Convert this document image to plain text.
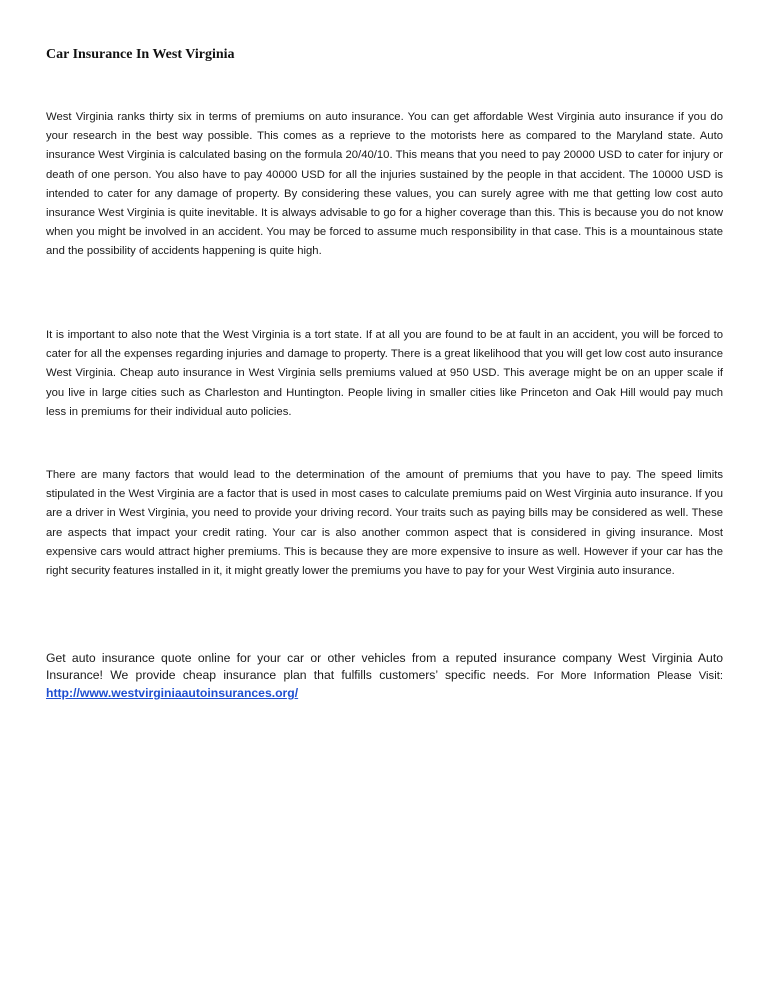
Car Insurance In West Virginia

West Virginia ranks thirty six in terms of premiums on auto insurance. You can get affordable West Virginia auto insurance if you do your research in the best way possible. This comes as a reprieve to the motorists here as compared to the Maryland state. Auto insurance West Virginia is calculated basing on the formula 20/40/10. This means that you need to pay 20000 USD to cater for injury or death of one person. You also have to pay 40000 USD for all the injuries sustained by the people in that accident. The 10000 USD is intended to cater for any damage of property. By considering these values, you can surely agree with me that getting low cost auto insurance West Virginia is quite inevitable. It is always advisable to go for a higher coverage than this. This is because you do not know when you might be involved in an accident. You may be forced to assume much responsibility in that case. This is a mountainous state and the possibility of accidents happening is quite high.

It is important to also note that the West Virginia is a tort state. If at all you are found to be at fault in an accident, you will be forced to cater for all the expenses regarding injuries and damage to property. There is a great likelihood that you will get low cost auto insurance West Virginia. Cheap auto insurance in West Virginia sells premiums valued at 950 USD. This average might be on an upper scale if you live in large cities such as Charleston and Huntington. People living in smaller cities like Princeton and Oak Hill would pay much less in premiums for their individual auto policies.

There are many factors that would lead to the determination of the amount of premiums that you have to pay. The speed limits stipulated in the West Virginia are a factor that is used in most cases to calculate premiums paid on West Virginia auto insurance. If you are a driver in West Virginia, you need to provide your driving record. Your traits such as paying bills may be considered as well. These are aspects that impact your credit rating. Your car is also another common aspect that is considered in giving insurance. Most expensive cars would attract higher premiums. This is because they are more expensive to insure as well. However if your car has the right security features installed in it, it might greatly lower the premiums you have to pay for your West Virginia auto insurance.

Get auto insurance quote online for your car or other vehicles from a reputed insurance company West Virginia Auto Insurance! We provide cheap insurance plan that fulfills customers’ specific needs. For More Information Please Visit: http://www.westvirginiaautoinsurances.org/
